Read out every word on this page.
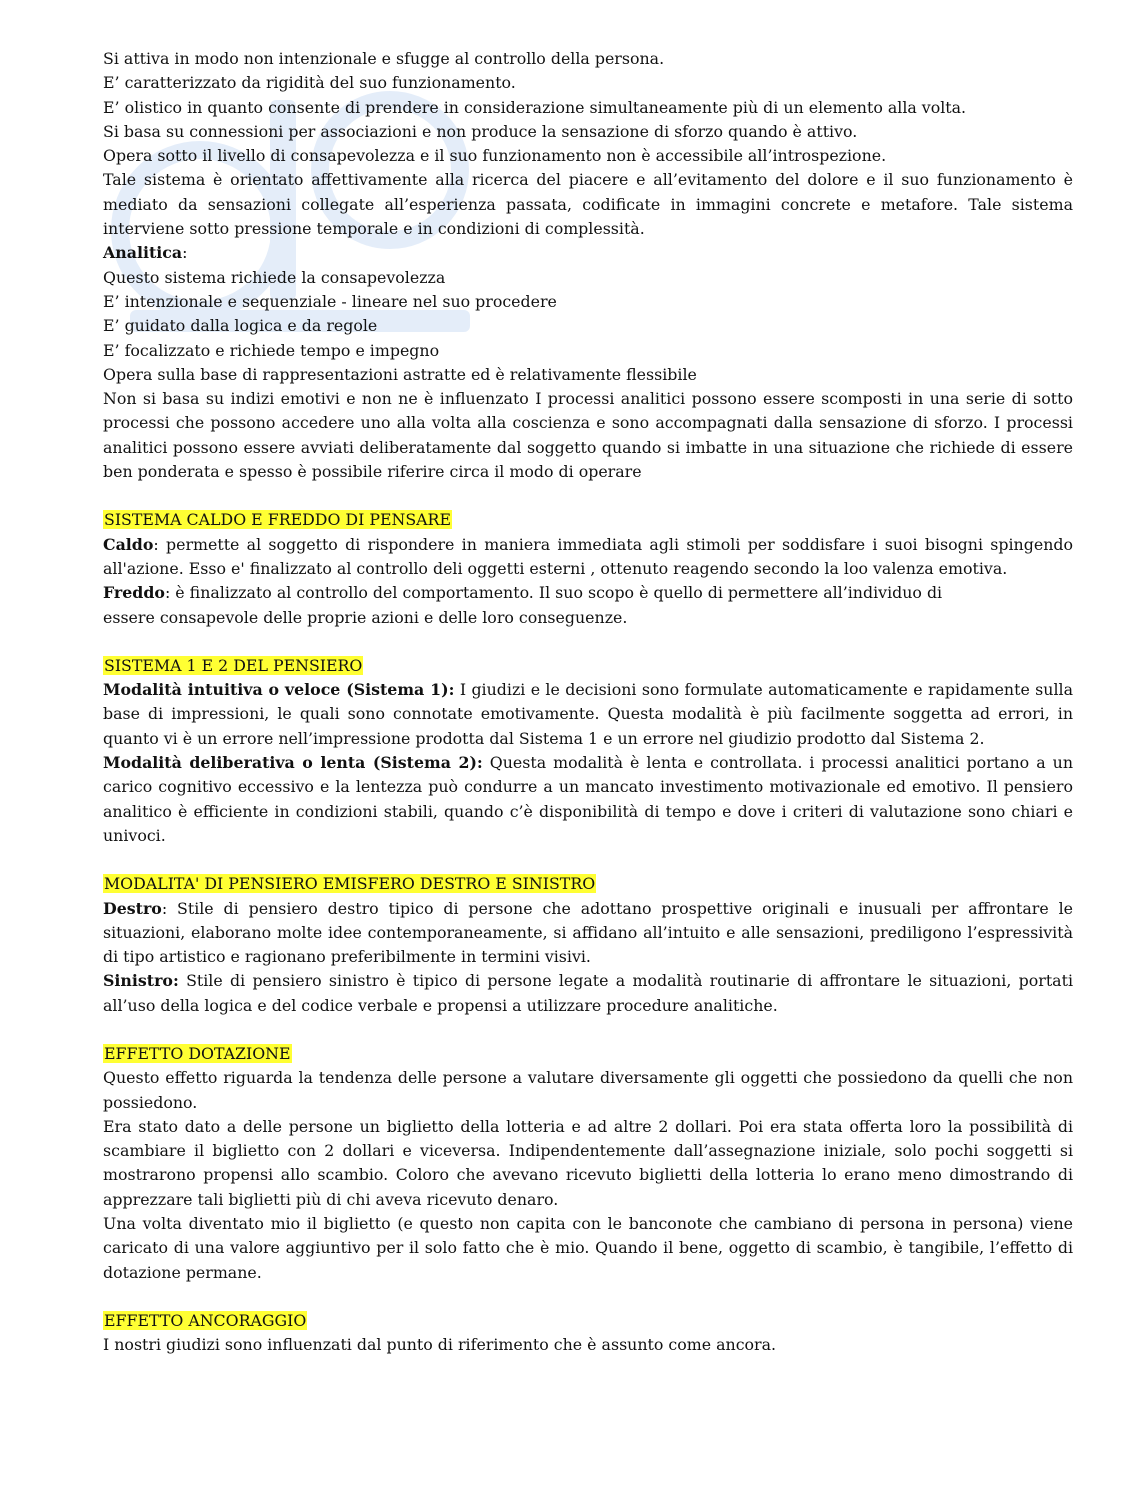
Si attiva in modo non intenzionale e sfugge al controllo della persona.

E’ caratterizzato da rigidità del suo funzionamento.

E’ olistico in quanto consente di prendere in considerazione simultaneamente più di un elemento alla volta.

Si basa su connessioni per associazioni e non produce la sensazione di sforzo quando è attivo.

Opera sotto il livello di consapevolezza e il suo funzionamento non è accessibile all’introspezione.

Tale sistema è orientato affettivamente alla ricerca del piacere e all’evitamento del dolore e il suo funzionamento è mediato da sensazioni collegate all’esperienza passata, codificate in immagini concrete e metafore. Tale sistema interviene sotto pressione temporale e in condizioni di complessità.

Analitica:

Questo sistema richiede la consapevolezza

E’ intenzionale e sequenziale - lineare nel suo procedere

E’ guidato dalla logica e da regole

E’ focalizzato e richiede tempo e impegno

Opera sulla base di rappresentazioni astratte ed è relativamente flessibile

Non si basa su indizi emotivi e non ne è influenzato I processi analitici possono essere scomposti in una serie di sotto processi che possono accedere uno alla volta alla coscienza e sono accompagnati dalla sensazione di sforzo. I processi analitici possono essere avviati deliberatamente dal soggetto quando si imbatte in una situazione che richiede di essere ben ponderata e spesso è possibile riferire circa il modo di operare

SISTEMA CALDO E FREDDO DI PENSARE

Caldo: permette al soggetto di rispondere in maniera immediata agli stimoli per soddisfare i suoi bisogni spingendo all'azione. Esso e' finalizzato al controllo deli oggetti esterni , ottenuto reagendo secondo la loo valenza emotiva.

Freddo: è finalizzato al controllo del comportamento. Il suo scopo è quello di permettere all’individuo di

essere consapevole delle proprie azioni e delle loro conseguenze.

SISTEMA 1 E 2 DEL PENSIERO

Modalità intuitiva o veloce (Sistema 1): I giudizi e le decisioni sono formulate automaticamente e rapidamente sulla base di impressioni, le quali sono connotate emotivamente. Questa modalità è più facilmente soggetta ad errori, in quanto vi è un errore nell’impressione prodotta dal Sistema 1 e un errore nel giudizio prodotto dal Sistema 2.

Modalità deliberativa o lenta (Sistema 2): Questa modalità è lenta e controllata. i processi analitici portano a un carico cognitivo eccessivo e la lentezza può condurre a un mancato investimento motivazionale ed emotivo. Il pensiero analitico è efficiente in condizioni stabili, quando c’è disponibilità di tempo e dove i criteri di valutazione sono chiari e univoci.

MODALITA' DI PENSIERO EMISFERO DESTRO E SINISTRO

Destro: Stile di pensiero destro tipico di persone che adottano prospettive originali e inusuali per affrontare le situazioni, elaborano molte idee contemporaneamente, si affidano all’intuito e alle sensazioni, prediligono l’espressività di tipo artistico e ragionano preferibilmente in termini visivi.

Sinistro: Stile di pensiero sinistro è tipico di persone legate a modalità routinarie di affrontare le situazioni, portati all’uso della logica e del codice verbale e propensi a utilizzare procedure analitiche.

EFFETTO DOTAZIONE

Questo effetto riguarda la tendenza delle persone a valutare diversamente gli oggetti che possiedono da quelli che non possiedono.

Era stato dato a delle persone un biglietto della lotteria e ad altre 2 dollari. Poi era stata offerta loro la possibilità di scambiare il biglietto con 2 dollari e viceversa. Indipendentemente dall’assegnazione iniziale, solo pochi soggetti si mostrarono propensi allo scambio. Coloro che avevano ricevuto biglietti della lotteria lo erano meno dimostrando di apprezzare tali biglietti più di chi aveva ricevuto denaro.

Una volta diventato mio il biglietto (e questo non capita con le banconote che cambiano di persona in persona) viene caricato di una valore aggiuntivo per il solo fatto che è mio. Quando il bene, oggetto di scambio, è tangibile, l’effetto di dotazione permane.

EFFETTO ANCORAGGIO

I nostri giudizi sono influenzati dal punto di riferimento che è assunto come ancora.
